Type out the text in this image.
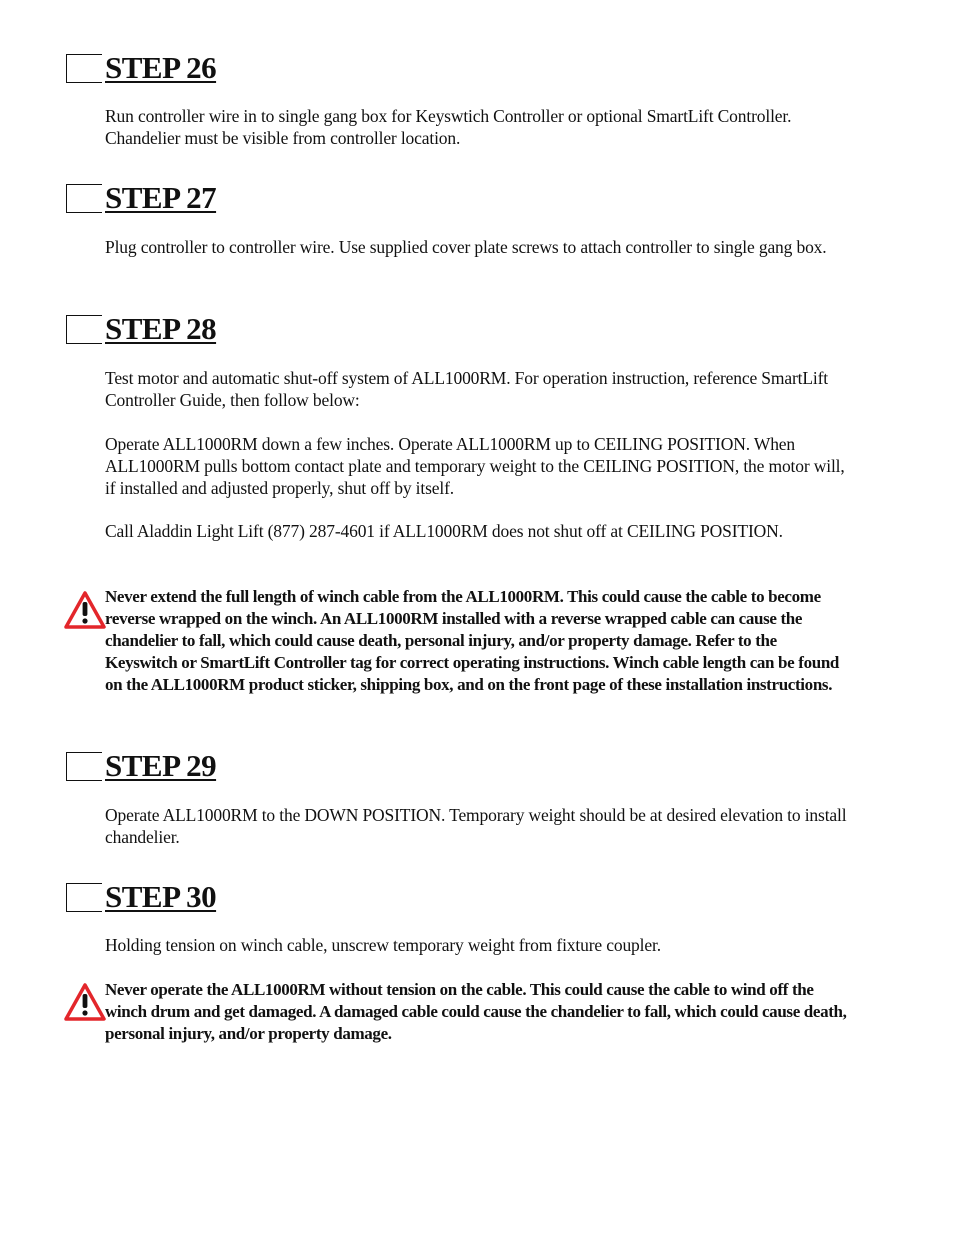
STEP 26

Run controller wire in to single gang box for Keyswtich Controller or optional SmartLift Controller. Chandelier must be visible from controller location.

STEP 27

Plug controller to controller wire. Use supplied cover plate screws to attach controller to single gang box.

STEP 28

Test motor and automatic shut-off system of ALL1000RM. For operation instruction, reference SmartLift Controller Guide, then follow below:

Operate ALL1000RM down a few inches. Operate ALL1000RM up to CEILING POSITION. When ALL1000RM pulls bottom contact plate and temporary weight to the CEILING POSITION, the motor will, if installed and adjusted properly, shut off by itself.

Call Aladdin Light Lift (877) 287-4601 if ALL1000RM does not shut off at CEILING POSITION.

Never extend the full length of winch cable from the ALL1000RM. This could cause the cable to become reverse wrapped on the winch. An ALL1000RM installed with a reverse wrapped cable can cause the chandelier to fall, which could cause death, personal injury, and/or property damage. Refer to the Keyswitch or SmartLift Controller tag for correct operating instructions. Winch cable length can be found on the ALL1000RM product sticker, shipping box, and on the front page of these installation instructions.

STEP 29

Operate ALL1000RM to the DOWN POSITION. Temporary weight should be at desired elevation to install chandelier.

STEP 30

Holding tension on winch cable, unscrew temporary weight from fixture coupler.

Never operate the ALL1000RM without tension on the cable. This could cause the cable to wind off the winch drum and get damaged. A damaged cable could cause the chandelier to fall, which could cause death, personal injury, and/or property damage.
